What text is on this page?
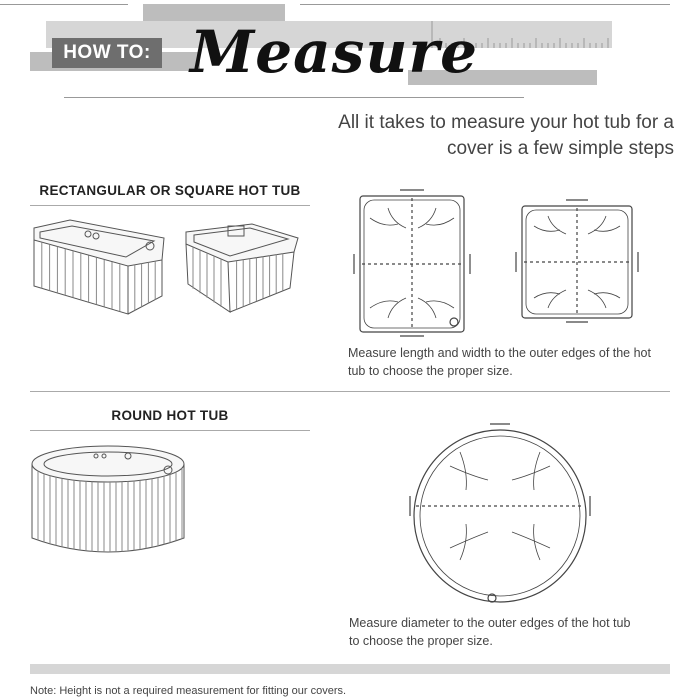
HOW TO: Measure
All it takes to measure your hot tub for a
cover is a few simple steps
RECTANGULAR OR SQUARE HOT TUB
Measure length and width to the outer edges of the hot
tub to choose the proper size.
ROUND HOT TUB
Measure diameter to the outer edges of the hot tub
to choose the proper size.
Note: Height is not a required measurement for fitting our covers.
